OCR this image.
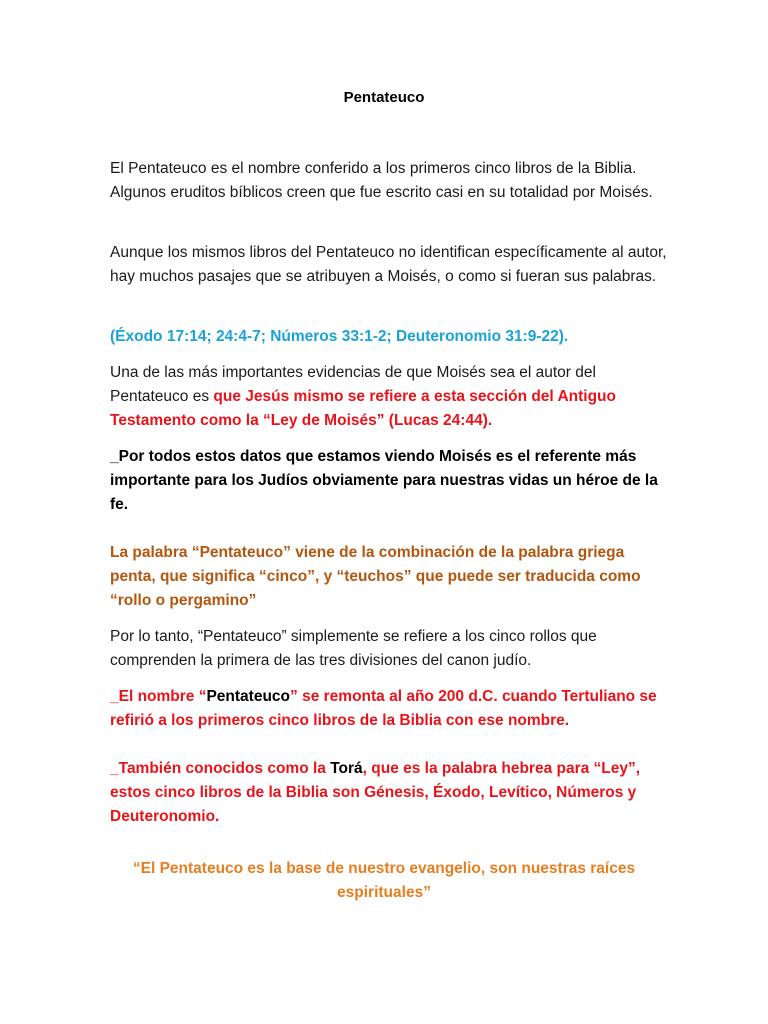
Pentateuco

El Pentateuco es el nombre conferido a los primeros cinco libros de la Biblia. Algunos eruditos bíblicos creen que fue escrito casi en su totalidad por Moisés.

Aunque los mismos libros del Pentateuco no identifican específicamente al autor, hay muchos pasajes que se atribuyen a Moisés, o como si fueran sus palabras.

(Éxodo 17:14; 24:4-7; Números 33:1-2; Deuteronomio 31:9-22).

Una de las más importantes evidencias de que Moisés sea el autor del Pentateuco es que Jesús mismo se refiere a esta sección del Antiguo Testamento como la “Ley de Moisés” (Lucas 24:44).

_Por todos estos datos que estamos viendo Moisés es el referente más importante para los Judíos obviamente para nuestras vidas un héroe de la fe.

La palabra “Pentateuco” viene de la combinación de la palabra griega penta, que significa “cinco”, y “teuchos” que puede ser traducida como “rollo o pergamino”

Por lo tanto, “Pentateuco” simplemente se refiere a los cinco rollos que comprenden la primera de las tres divisiones del canon judío.

_El nombre “Pentateuco” se remonta al año 200 d.C. cuando Tertuliano se refirió a los primeros cinco libros de la Biblia con ese nombre.

_También conocidos como la Torá, que es la palabra hebrea para “Ley”, estos cinco libros de la Biblia son Génesis, Éxodo, Levítico, Números y Deuteronomio.

“El Pentateuco es la base de nuestro evangelio, son nuestras raíces espirituales”
